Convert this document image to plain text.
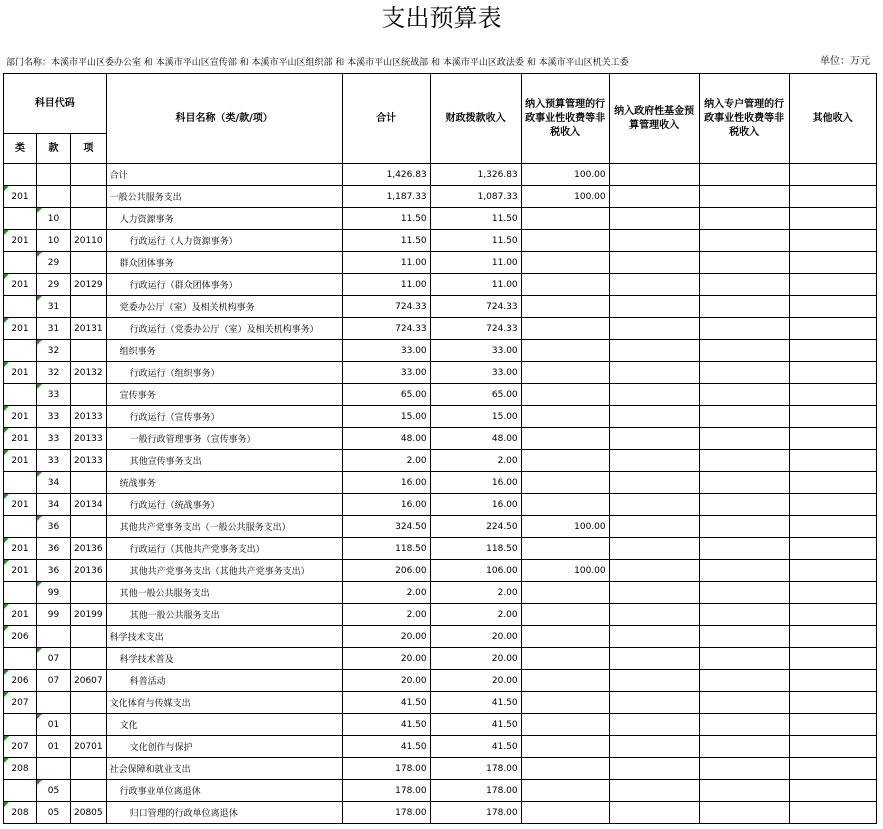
支出预算表
部门名称：本溪市平山区委办公室 和 本溪市平山区宣传部 和 本溪市平山区组织部 和 本溪市平山区统战部 和 本溪市平山区政法委 和 本溪市平山区机关工委	单位：万元
科目代码			科目名称（类/款/项）	合计	财政拨款收入	纳入预算管理的行政事业性收费等非税收入	纳入政府性基金预算管理收入	纳入专户管理的行政事业性收费等非税收入	其他收入
类	款	项							
			合计	1,426.83	1,326.83	100.00			
201			一般公共服务支出	1,187.33	1,087.33	100.00			
	10		人力资源事务	11.50	11.50				
201	10	20110	行政运行（人力资源事务）	11.50	11.50				
	29		群众团体事务	11.00	11.00				
201	29	20129	行政运行（群众团体事务）	11.00	11.00				
	31		党委办公厅（室）及相关机构事务	724.33	724.33				
201	31	20131	行政运行（党委办公厅（室）及相关机构事务）	724.33	724.33				
	32		组织事务	33.00	33.00				
201	32	20132	行政运行（组织事务）	33.00	33.00				
	33		宣传事务	65.00	65.00				
201	33	20133	行政运行（宣传事务）	15.00	15.00				
201	33	20133	一般行政管理事务（宣传事务）	48.00	48.00				
201	33	20133	其他宣传事务支出	2.00	2.00				
	34		统战事务	16.00	16.00				
201	34	20134	行政运行（统战事务）	16.00	16.00				
	36		其他共产党事务支出（一般公共服务支出）	324.50	224.50	100.00			
201	36	20136	行政运行（其他共产党事务支出）	118.50	118.50				
201	36	20136	其他共产党事务支出（其他共产党事务支出）	206.00	106.00	100.00			
	99		其他一般公共服务支出	2.00	2.00				
201	99	20199	其他一般公共服务支出	2.00	2.00				
206			科学技术支出	20.00	20.00				
	07		科学技术普及	20.00	20.00				
206	07	20607	科普活动	20.00	20.00				
207			文化体育与传媒支出	41.50	41.50				
	01		文化	41.50	41.50				
207	01	20701	文化创作与保护	41.50	41.50				
208			社会保障和就业支出	178.00	178.00				
	05		行政事业单位离退休	178.00	178.00				
208	05	20805	归口管理的行政单位离退休	178.00	178.00				
